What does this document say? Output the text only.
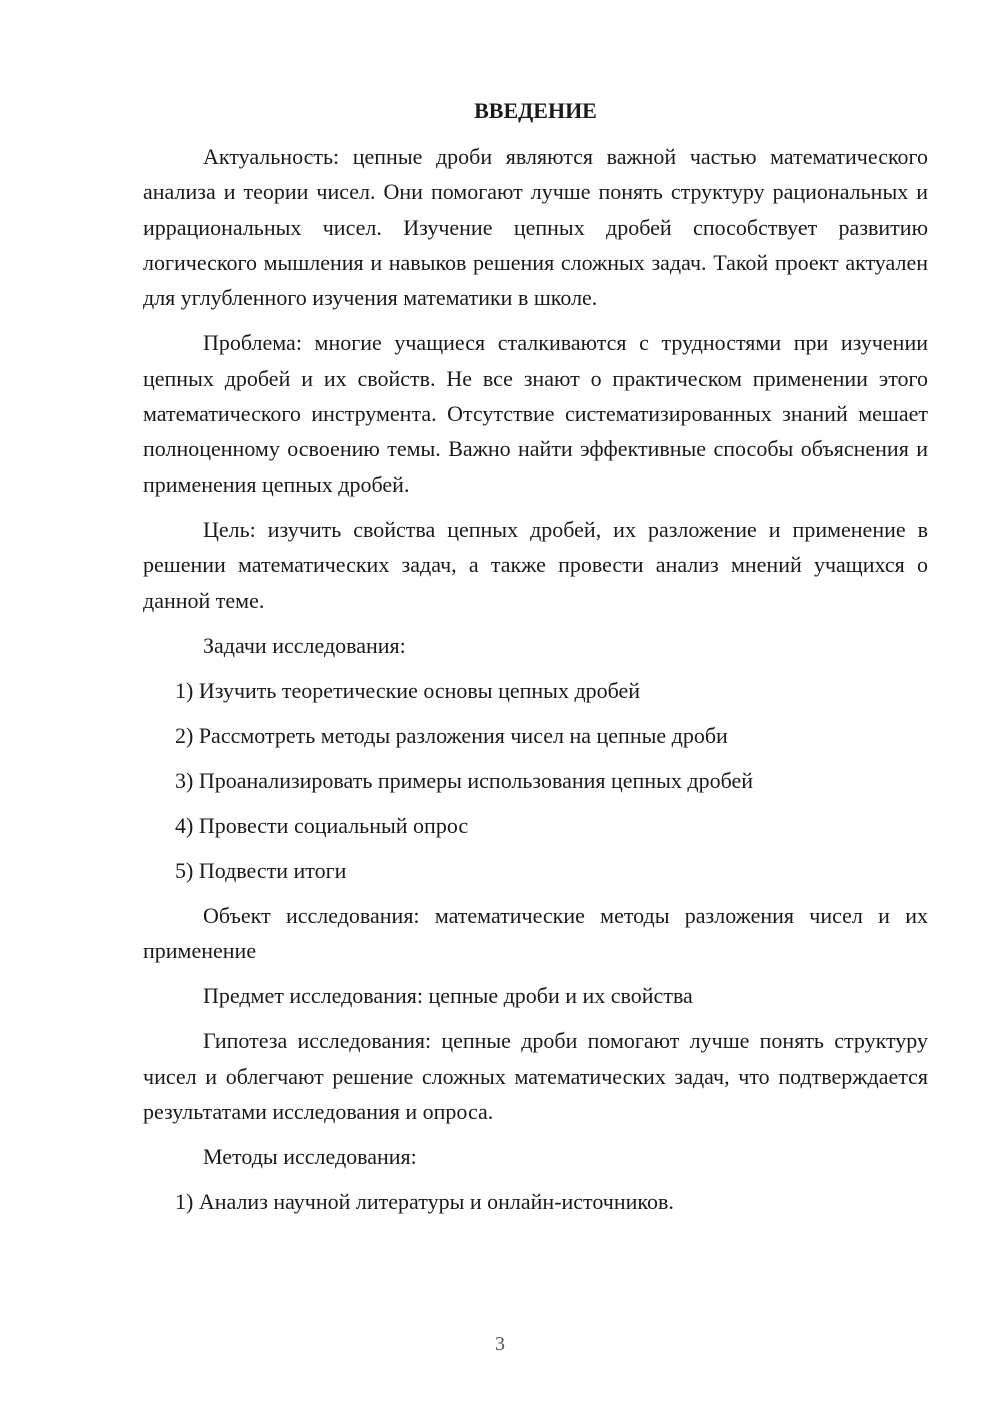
ВВЕДЕНИЕ

Актуальность: цепные дроби являются важной частью математического анализа и теории чисел. Они помогают лучше понять структуру рациональных и иррациональных чисел. Изучение цепных дробей способствует развитию логического мышления и навыков решения сложных задач. Такой проект актуален для углубленного изучения математики в школе.

Проблема: многие учащиеся сталкиваются с трудностями при изучении цепных дробей и их свойств. Не все знают о практическом применении этого математического инструмента. Отсутствие систематизированных знаний мешает полноценному освоению темы. Важно найти эффективные способы объяснения и применения цепных дробей.

Цель: изучить свойства цепных дробей, их разложение и применение в решении математических задач, а также провести анализ мнений учащихся о данной теме.

Задачи исследования:

1) Изучить теоретические основы цепных дробей
2) Рассмотреть методы разложения чисел на цепные дроби
3) Проанализировать примеры использования цепных дробей
4) Провести социальный опрос
5) Подвести итоги

Объект исследования: математические методы разложения чисел и их применение

Предмет исследования: цепные дроби и их свойства

Гипотеза исследования: цепные дроби помогают лучше понять структуру чисел и облегчают решение сложных математических задач, что подтверждается результатами исследования и опроса.

Методы исследования:

1) Анализ научной литературы и онлайн-источников.
3
